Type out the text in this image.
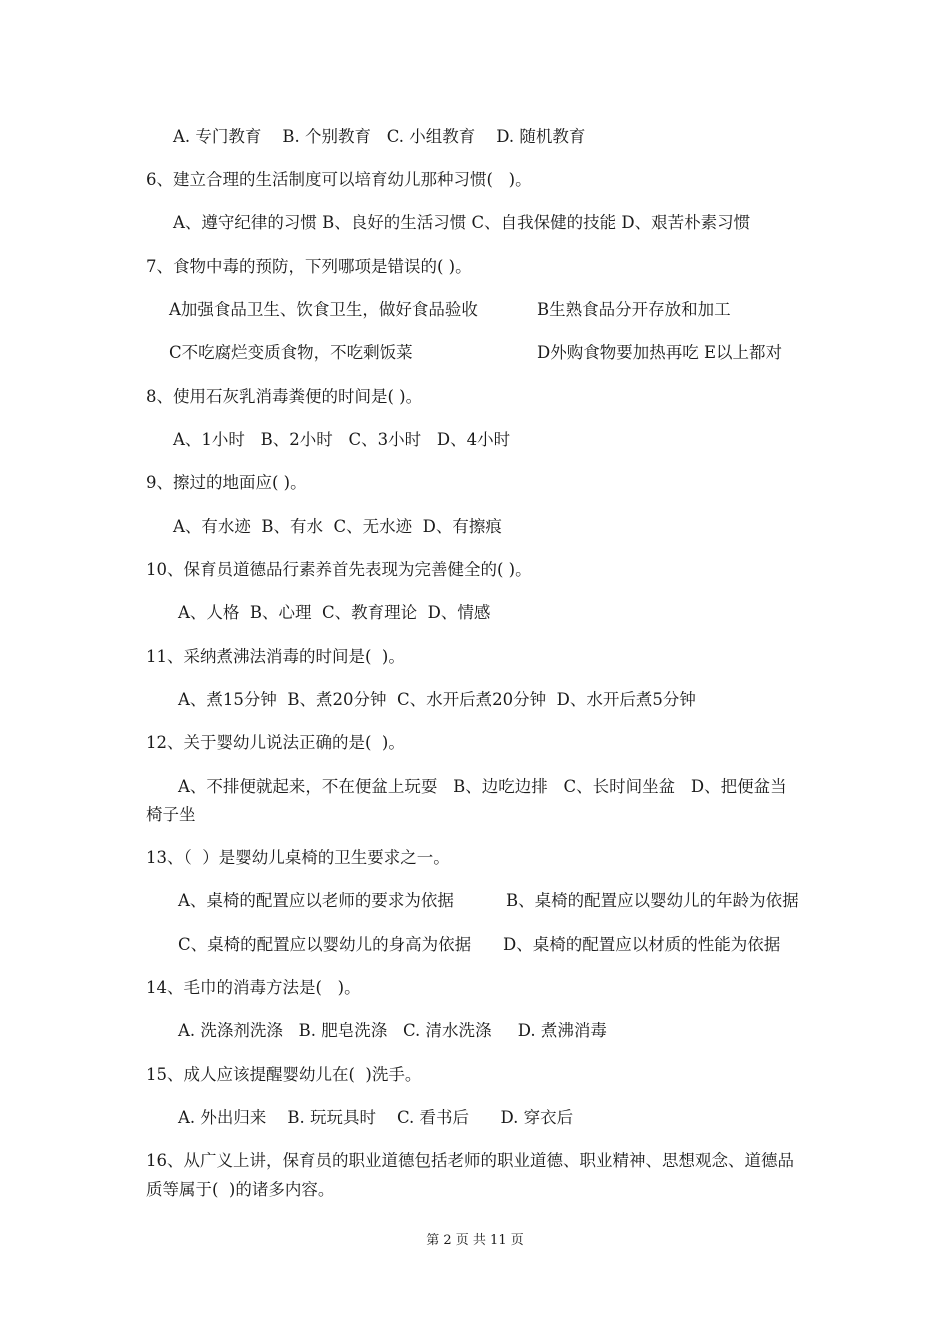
A. 专门教育    B. 个别教育   C. 小组教育    D. 随机教育
6、建立合理的生活制度可以培育幼儿那种习惯(   )。
A、遵守纪律的习惯 B、良好的生活习惯 C、自我保健的技能 D、艰苦朴素习惯
7、食物中毒的预防，下列哪项是错误的( )。
A加强食品卫生、饮食卫生，做好食品验收	B生熟食品分开存放和加工
C不吃腐烂变质食物，不吃剩饭菜	D外购食物要加热再吃 E以上都对
8、使用石灰乳消毒粪便的时间是( )。
A、1小时   B、2小时   C、3小时   D、4小时
9、擦过的地面应( )。
A、有水迹  B、有水  C、无水迹  D、有擦痕
10、保育员道德品行素养首先表现为完善健全的( )。
A、人格  B、心理  C、教育理论  D、情感
11、采纳煮沸法消毒的时间是(  )。
A、煮15分钟  B、煮20分钟  C、水开后煮20分钟  D、水开后煮5分钟
12、关于婴幼儿说法正确的是(  )。
A、不排便就起来，不在便盆上玩耍   B、边吃边排   C、长时间坐盆   D、把便盆当
椅子坐
13、（  ）是婴幼儿桌椅的卫生要求之一。
A、桌椅的配置应以老师的要求为依据	B、桌椅的配置应以婴幼儿的年龄为依据
C、桌椅的配置应以婴幼儿的身高为依据 D、桌椅的配置应以材质的性能为依据
14、毛巾的消毒方法是(   )。
A. 洗涤剂洗涤   B. 肥皂洗涤   C. 清水洗涤     D. 煮沸消毒
15、成人应该提醒婴幼儿在(  )洗手。
A. 外出归来    B. 玩玩具时    C. 看书后      D. 穿衣后
16、从广义上讲，保育员的职业道德包括老师的职业道德、职业精神、思想观念、道德品
质等属于(  )的诸多内容。
第 2 页 共 11 页
